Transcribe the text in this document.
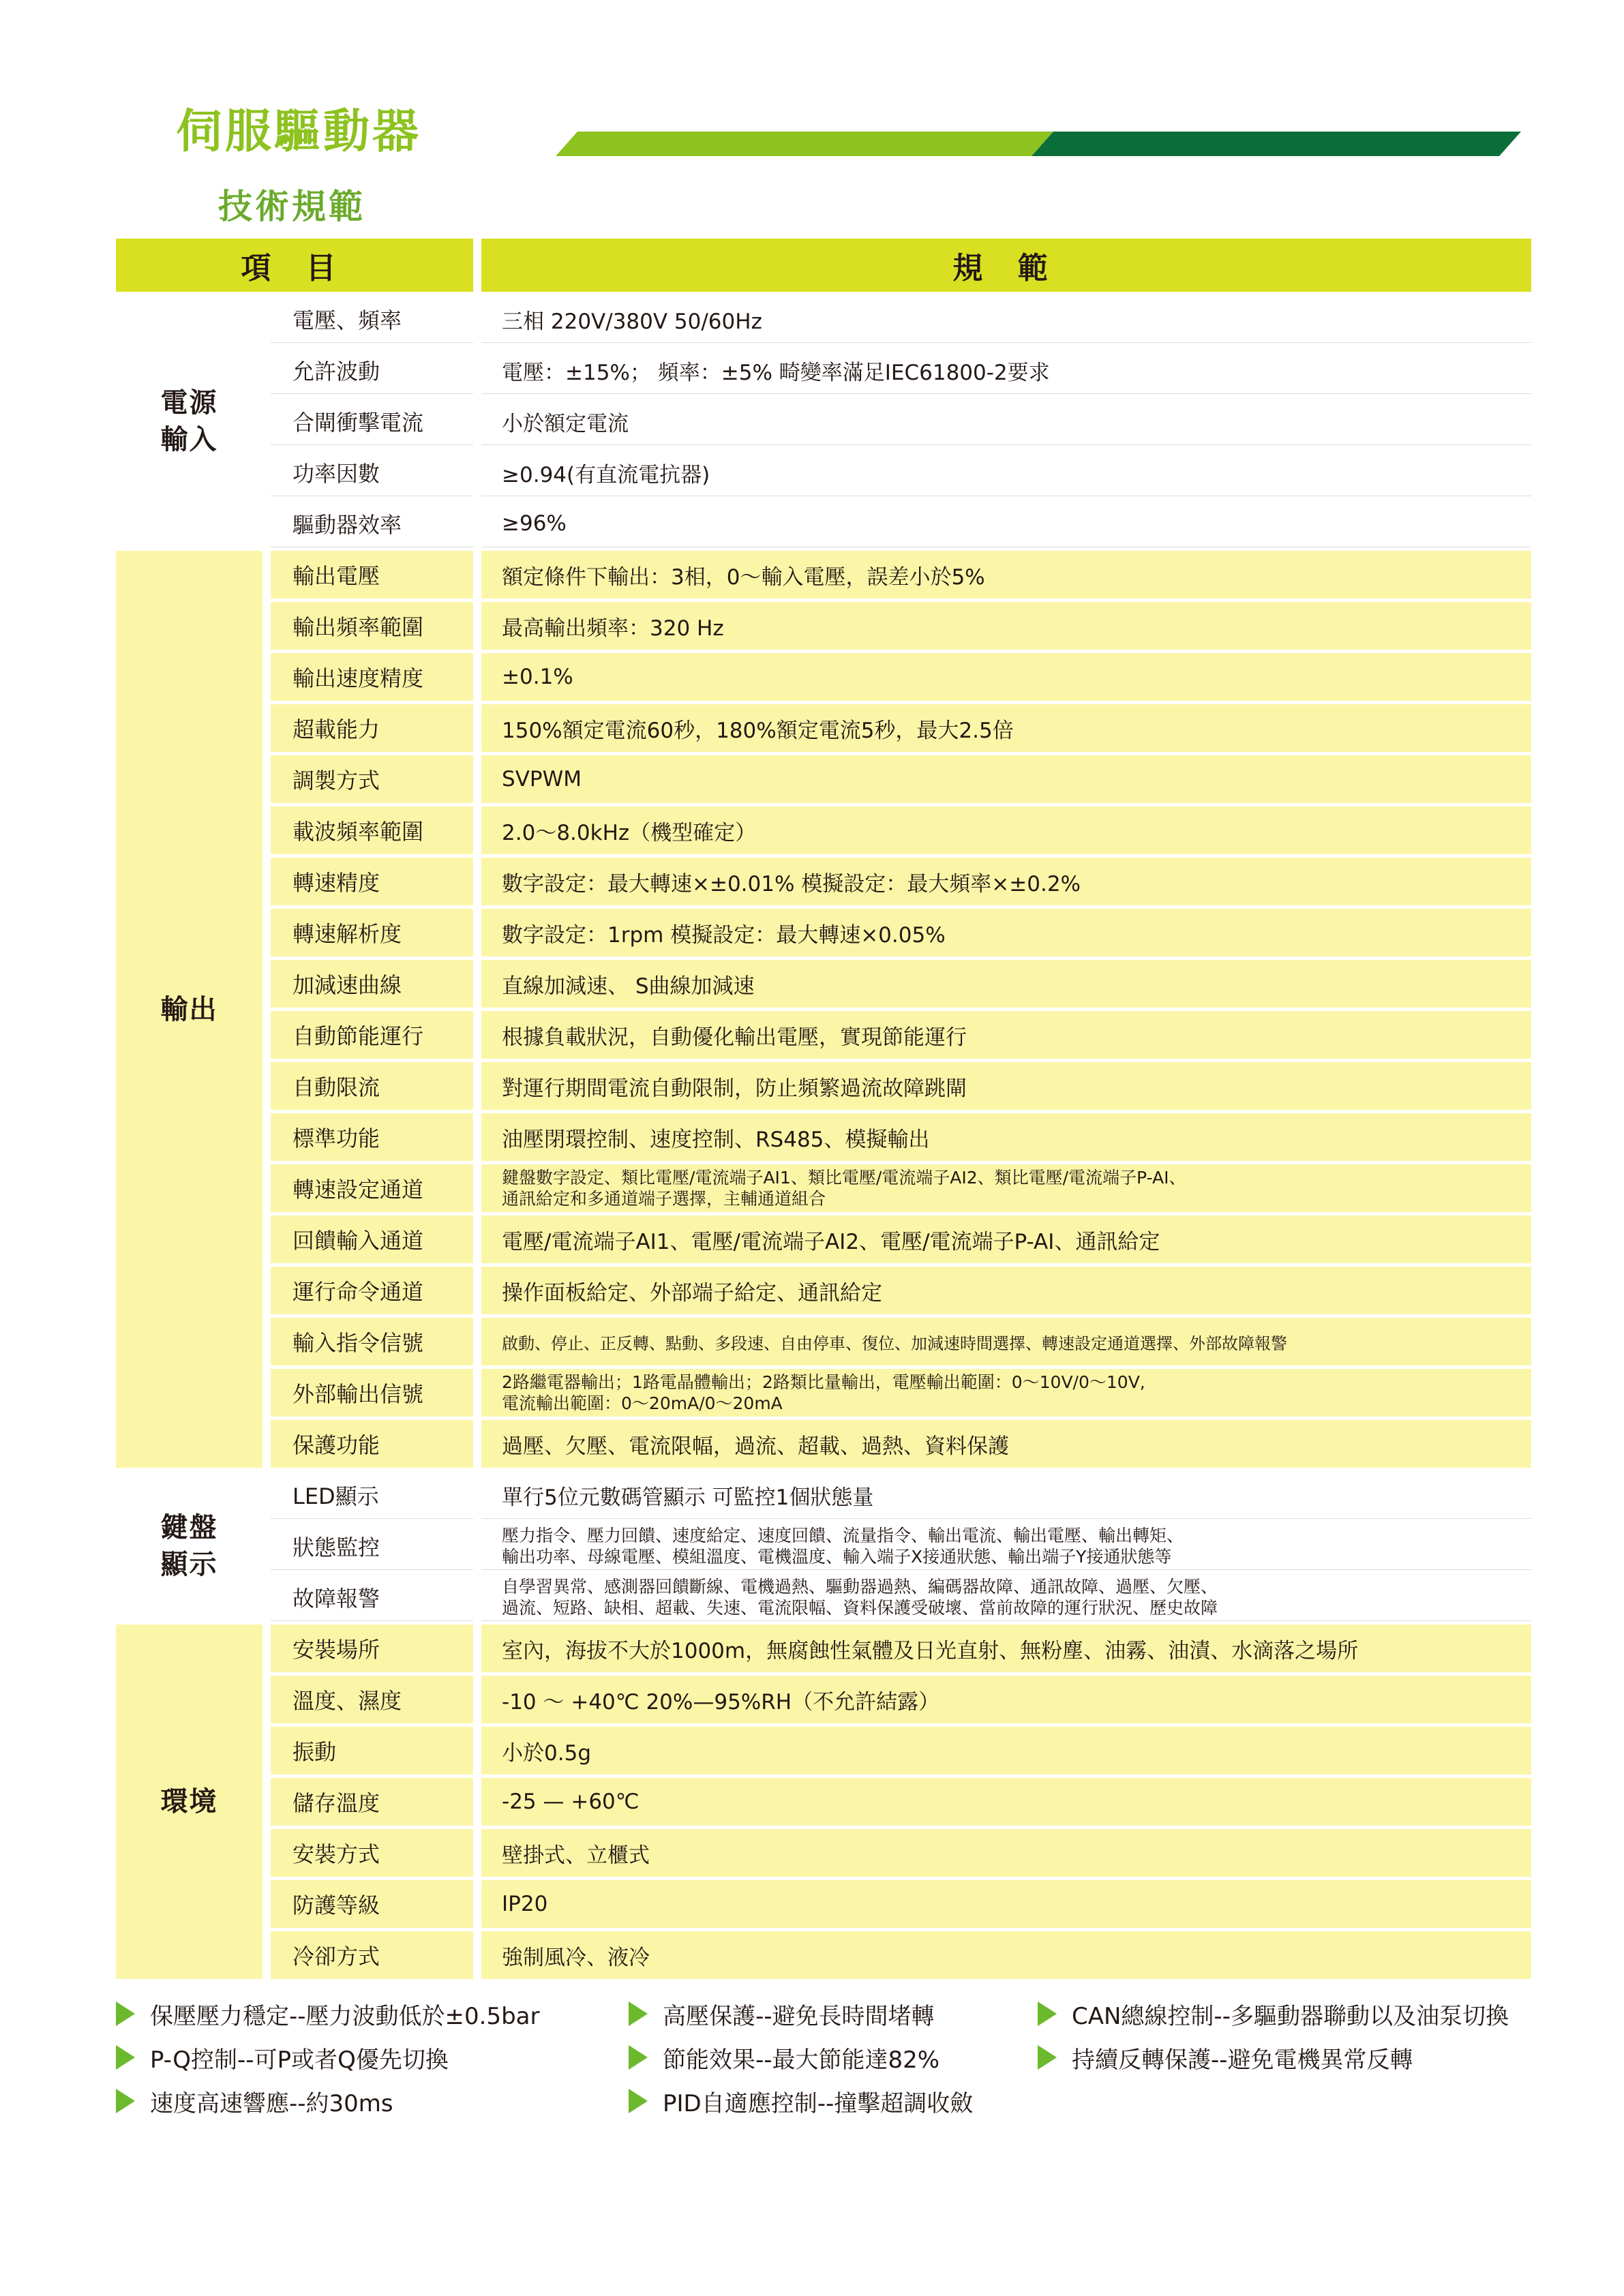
伺服驅動器
技術規範
項 目		規 範

電源
輸入	電壓、頻率	三相 220V/380V 50/60Hz
	允許波動	電壓：±15%； 頻率：±5% 畸變率滿足IEC61800-2要求
	合閘衝擊電流	小於額定電流
	功率因數	≥0.94(有直流電抗器)
	驅動器效率	≥96%

輸出	輸出電壓	額定條件下輸出：3相，0～輸入電壓，誤差小於5%
	輸出頻率範圍	最高輸出頻率：320 Hz
	輸出速度精度	±0.1%
	超載能力	150%額定電流60秒，180%額定電流5秒，最大2.5倍
	調製方式	SVPWM
	載波頻率範圍	2.0～8.0kHz（機型確定）
	轉速精度	數字設定：最大轉速×±0.01% 模擬設定：最大頻率×±0.2%
	轉速解析度	數字設定：1rpm 模擬設定：最大轉速×0.05%
	加減速曲線	直線加減速、 S曲線加減速
	自動節能運行	根據負載狀況，自動優化輸出電壓，實現節能運行
	自動限流	對運行期間電流自動限制，防止頻繁過流故障跳閘
	標準功能	油壓閉環控制、速度控制、RS485、模擬輸出
	轉速設定通道	鍵盤數字設定、類比電壓/電流端子AI1、類比電壓/電流端子AI2、類比電壓/電流端子P-AI、
通訊給定和多通道端子選擇，主輔通道組合

	回饋輸入通道	電壓/電流端子AI1、電壓/電流端子AI2、電壓/電流端子P-AI、通訊給定
	運行命令通道	操作面板給定、外部端子給定、通訊給定
	輸入指令信號	啟動、停止、正反轉、點動、多段速、自由停車、復位、加減速時間選擇、轉速設定通道選擇、外部故障報警
	外部輸出信號	2路繼電器輸出；1路電晶體輸出；2路類比量輸出，電壓輸出範圍：0～10V/0～10V,
電流輸出範圍：0～20mA/0～20mA

	保護功能	過壓、欠壓、電流限幅，過流、超載、過熱、資料保護

鍵盤
顯示	LED顯示	單行5位元數碼管顯示 可監控1個狀態量
	狀態監控	壓力指令、壓力回饋、速度給定、速度回饋、流量指令、輸出電流、輸出電壓、輸出轉矩、
輸出功率、母線電壓、模組溫度、電機溫度、輸入端子X接通狀態、輸出端子Y接通狀態等

	故障報警	自學習異常、感測器回饋斷線、電機過熱、驅動器過熱、編碼器故障、通訊故障、過壓、欠壓、
過流、短路、缺相、超載、失速、電流限幅、資料保護受破壞、當前故障的運行狀況、歷史故障

環境	安裝場所	室內，海拔不大於1000m，無腐蝕性氣體及日光直射、無粉塵、油霧、油漬、水滴落之場所
	溫度、濕度	-10 ～ +40℃ 20%—95%RH（不允許結露）
	振動	小於0.5g
	儲存溫度	-25 — +60℃
	安裝方式	壁掛式、立櫃式
	防護等級	IP20
	冷卻方式	強制風冷、液冷
保壓壓力穩定--壓力波動低於±0.5bar
P-Q控制--可P或者Q優先切換
速度高速響應--約30ms
高壓保護--避免長時間堵轉
節能效果--最大節能達82%
PID自適應控制--撞擊超調收斂
CAN總線控制--多驅動器聯動以及油泵切換
持續反轉保護--避免電機異常反轉
